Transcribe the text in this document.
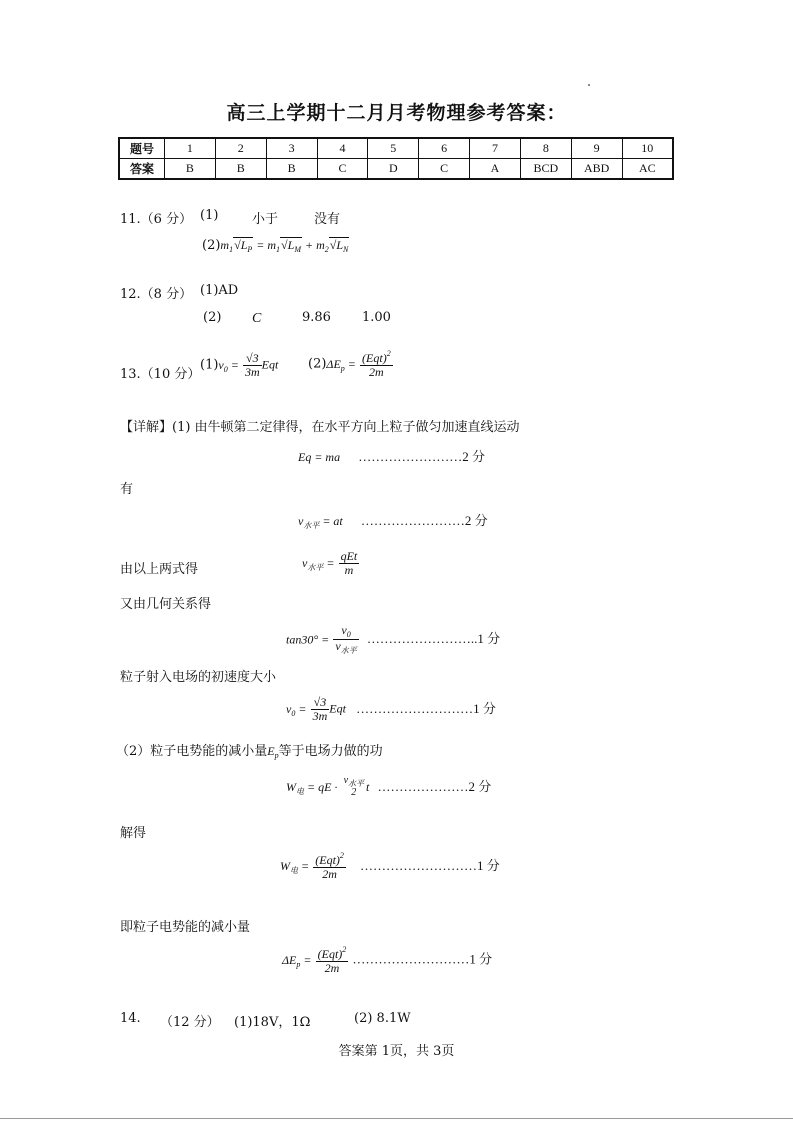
高三上学期十二月月考物理参考答案：
题号	1	2	3	4	5	6	7	8	9	10
答案	B	B	B	C	D	C	A	BCD	ABD	AC
11.（6 分） (1)	小于	没有
$(2)m_1√L_P = m_1√L_M + m_2√L_N$
12.（8 分） (1)AD
(2) C	9.86 1.00
13.（10 分）
$(1)v_0 = \frac{√3}{3m}$ Eqt $(2)\Delta E_p = \frac{(Eqt)^2}{2m}$
【详解】(1) 由牛顿第二定律得，在水平方向上粒子做匀加速直线运动
Eq = ma ……………………2 分
有
$v_{水平}$ = at ……………………2 分
由以上两式得	$v_{水平} = \frac{\text{qEt}}{m}$
又由几何关系得
$\tan 30^\circ = \frac{v_0}{v_{水平}}$ ……………………..1 分
粒子射入电场的初速度大小
$v_0 = \frac{√3}{3m}$ Eqt ………………………1 分
（2）粒子电势能的减小量$E_p$等于电场力做的功
$W_电$ = qE · $v_{水平}$
2 t …………………2 分
解得
$W_电 = \frac{(Eqt)^2}{2m}$ ………………………1 分
即粒子电势能的减小量
$\Delta E_p = \frac{(Eqt)^2}{2m}$ ………………………1 分
14. （12 分） (1)18V，1Ω	(2) 8.1W
答案第 1页，共 3页
